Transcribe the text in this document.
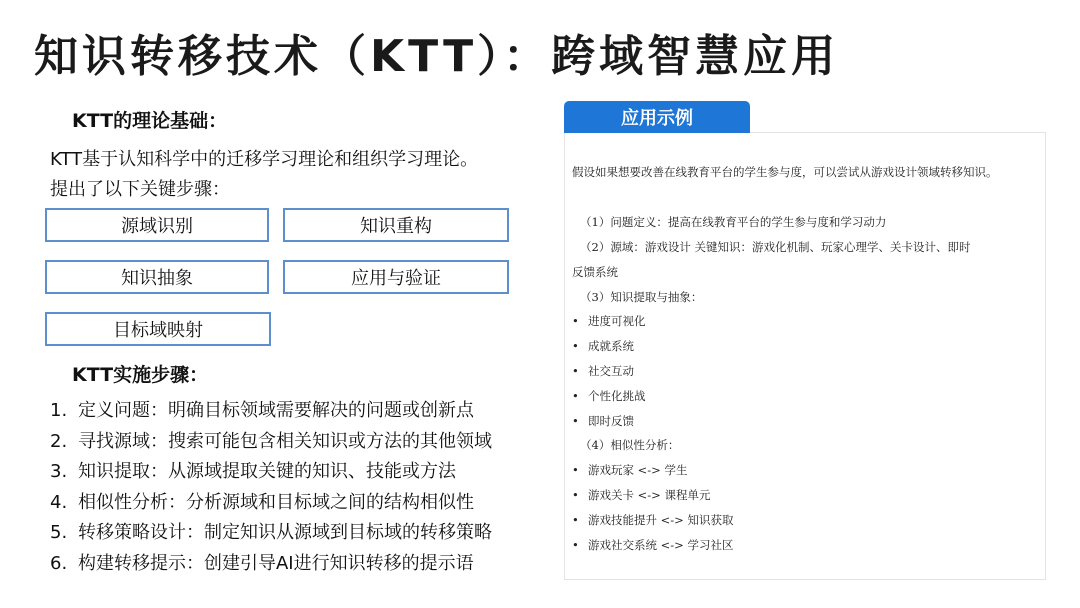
知识转移技术（KTT）：跨域智慧应用
KTT的理论基础：
KTT基于认知科学中的迁移学习理论和组织学习理论。
提出了以下关键步骤：
源域识别	知识重构
知识抽象	应用与验证
目标域映射
KTT实施步骤：
1. 定义问题：明确目标领域需要解决的问题或创新点
2. 寻找源域：搜索可能包含相关知识或方法的其他领域
3. 知识提取：从源域提取关键的知识、技能或方法
4. 相似性分析：分析源域和目标域之间的结构相似性
5. 转移策略设计：制定知识从源域到目标域的转移策略
6. 构建转移提示：创建引导AI进行知识转移的提示语
应用示例
假设如果想要改善在线教育平台的学生参与度，可以尝试从游戏设计领域转移知识。
（1）问题定义：提高在线教育平台的学生参与度和学习动力
（2）源域：游戏设计 关键知识：游戏化机制、玩家心理学、关卡设计、即时
反馈系统
（3）知识提取与抽象：
• 进度可视化
• 成就系统
• 社交互动
• 个性化挑战
• 即时反馈
（4）相似性分析：
• 游戏玩家 <-> 学生
• 游戏关卡 <-> 课程单元
• 游戏技能提升 <-> 知识获取
• 游戏社交系统 <-> 学习社区
